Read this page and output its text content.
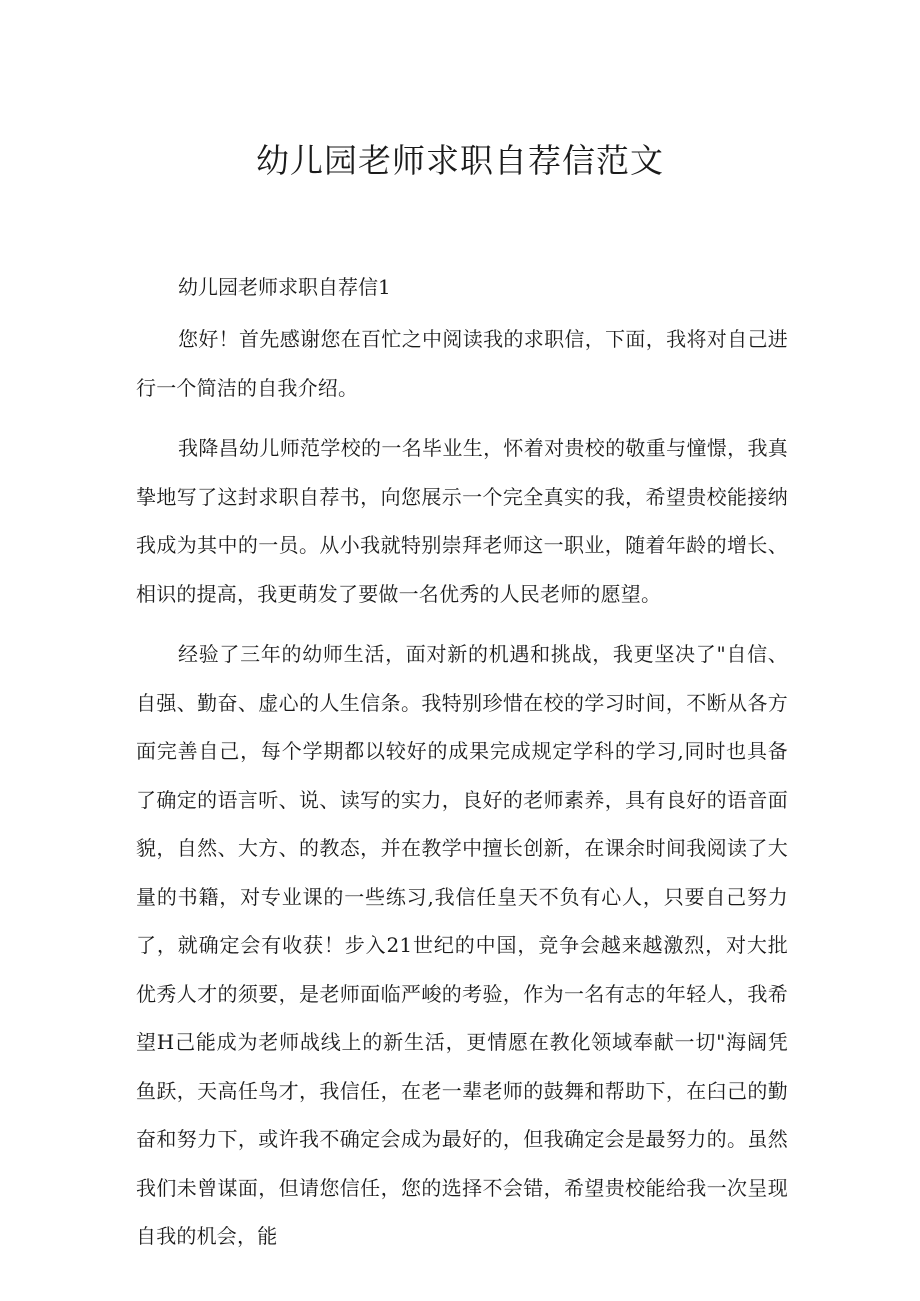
幼儿园老师求职自荐信范文
幼儿园老师求职自荐信1

您好！首先感谢您在百忙之中阅读我的求职信，下面，我将对自己进行一个简洁的自我介绍。

我降昌幼儿师范学校的一名毕业生，怀着对贵校的敬重与憧憬，我真挚地写了这封求职自荐书，向您展示一个完全真实的我，希望贵校能接纳我成为其中的一员。从小我就特别崇拜老师这一职业，随着年龄的增长、相识的提高，我更萌发了要做一名优秀的人民老师的愿望。

经验了三年的幼师生活，面对新的机遇和挑战，我更坚决了"自信、自强、勤奋、虚心的人生信条。我特别珍惜在校的学习时间，不断从各方面完善自己，每个学期都以较好的成果完成规定学科的学习,同时也具备了确定的语言听、说、读写的实力，良好的老师素养，具有良好的语音面貌，自然、大方、的教态，并在教学中擅长创新，在课余时间我阅读了大量的书籍，对专业课的一些练习,我信任皇天不负有心人，只要自己努力了，就确定会有收获！步入21世纪的中国，竞争会越来越激烈，对大批优秀人才的须要，是老师面临严峻的考验，作为一名有志的年轻人，我希望H己能成为老师战线上的新生活，更情愿在教化领域奉献一切"海阔凭鱼跃，天高任鸟才，我信任，在老一辈老师的鼓舞和帮助下，在臼己的勤奋和努力下，或许我不确定会成为最好的，但我确定会是最努力的。虽然我们未曾谋面，但请您信任，您的选择不会错，希望贵校能给我一次呈现自我的机会，能
